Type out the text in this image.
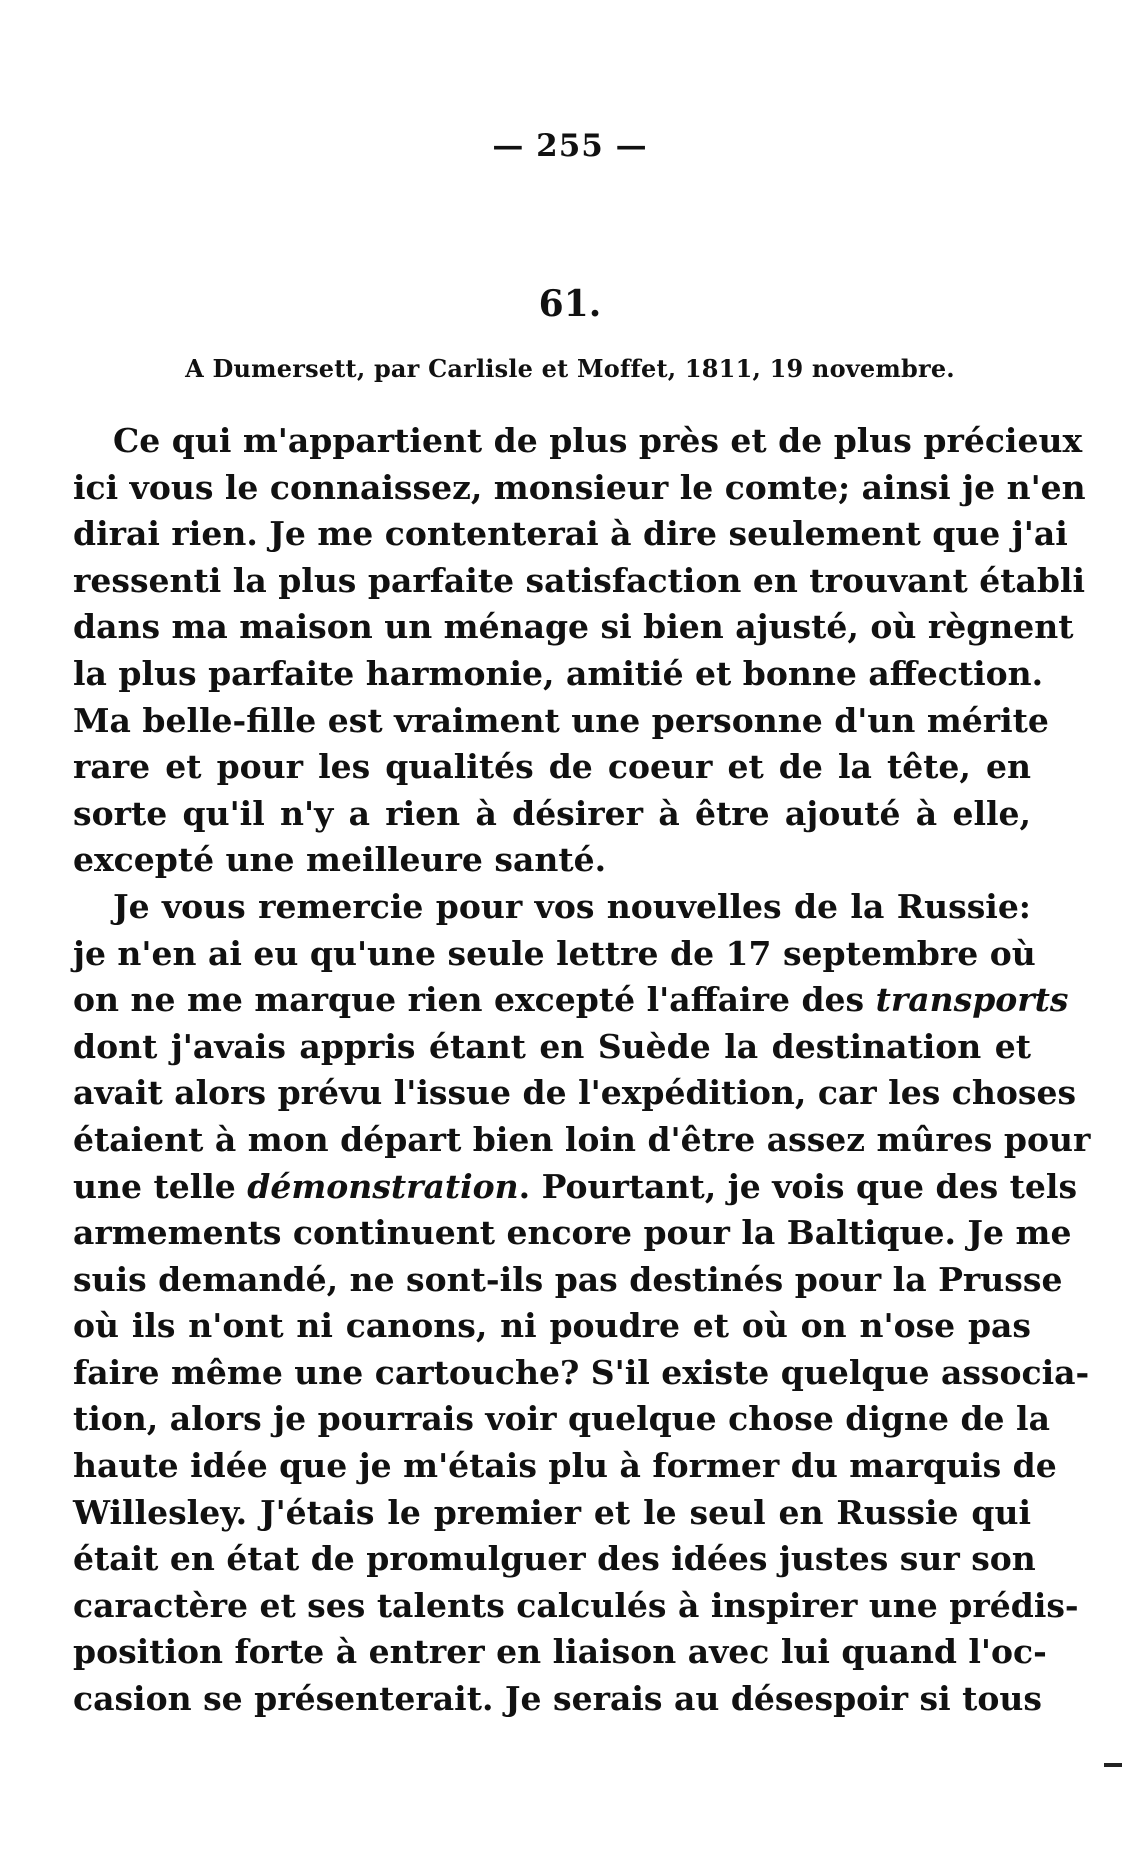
— 255 —
61.
A Dumersett, par Carlisle et Moffet, 1811, 19 novembre.
Ce qui m'appartient de plus près et de plus précieux
ici vous le connaissez, monsieur le comte; ainsi je n'en
dirai rien. Je me contenterai à dire seulement que j'ai
ressenti la plus parfaite satisfaction en trouvant établi
dans ma maison un ménage si bien ajusté, où règnent
la plus parfaite harmonie, amitié et bonne affection.
Ma belle-fille est vraiment une personne d'un mérite
rare et pour les qualités de coeur et de la tête, en
sorte qu'il n'y a rien à désirer à être ajouté à elle,
excepté une meilleure santé.
Je vous remercie pour vos nouvelles de la Russie:
je n'en ai eu qu'une seule lettre de 17 septembre où
on ne me marque rien excepté l'affaire des transports
dont j'avais appris étant en Suède la destination et
avait alors prévu l'issue de l'expédition, car les choses
étaient à mon départ bien loin d'être assez mûres pour
une telle démonstration. Pourtant, je vois que des tels
armements continuent encore pour la Baltique. Je me
suis demandé, ne sont-ils pas destinés pour la Prusse
où ils n'ont ni canons, ni poudre et où on n'ose pas
faire même une cartouche? S'il existe quelque associa-
tion, alors je pourrais voir quelque chose digne de la
haute idée que je m'étais plu à former du marquis de
Willesley. J'étais le premier et le seul en Russie qui
était en état de promulguer des idées justes sur son
caractère et ses talents calculés à inspirer une prédis-
position forte à entrer en liaison avec lui quand l'oc-
casion se présenterait. Je serais au désespoir si tous
